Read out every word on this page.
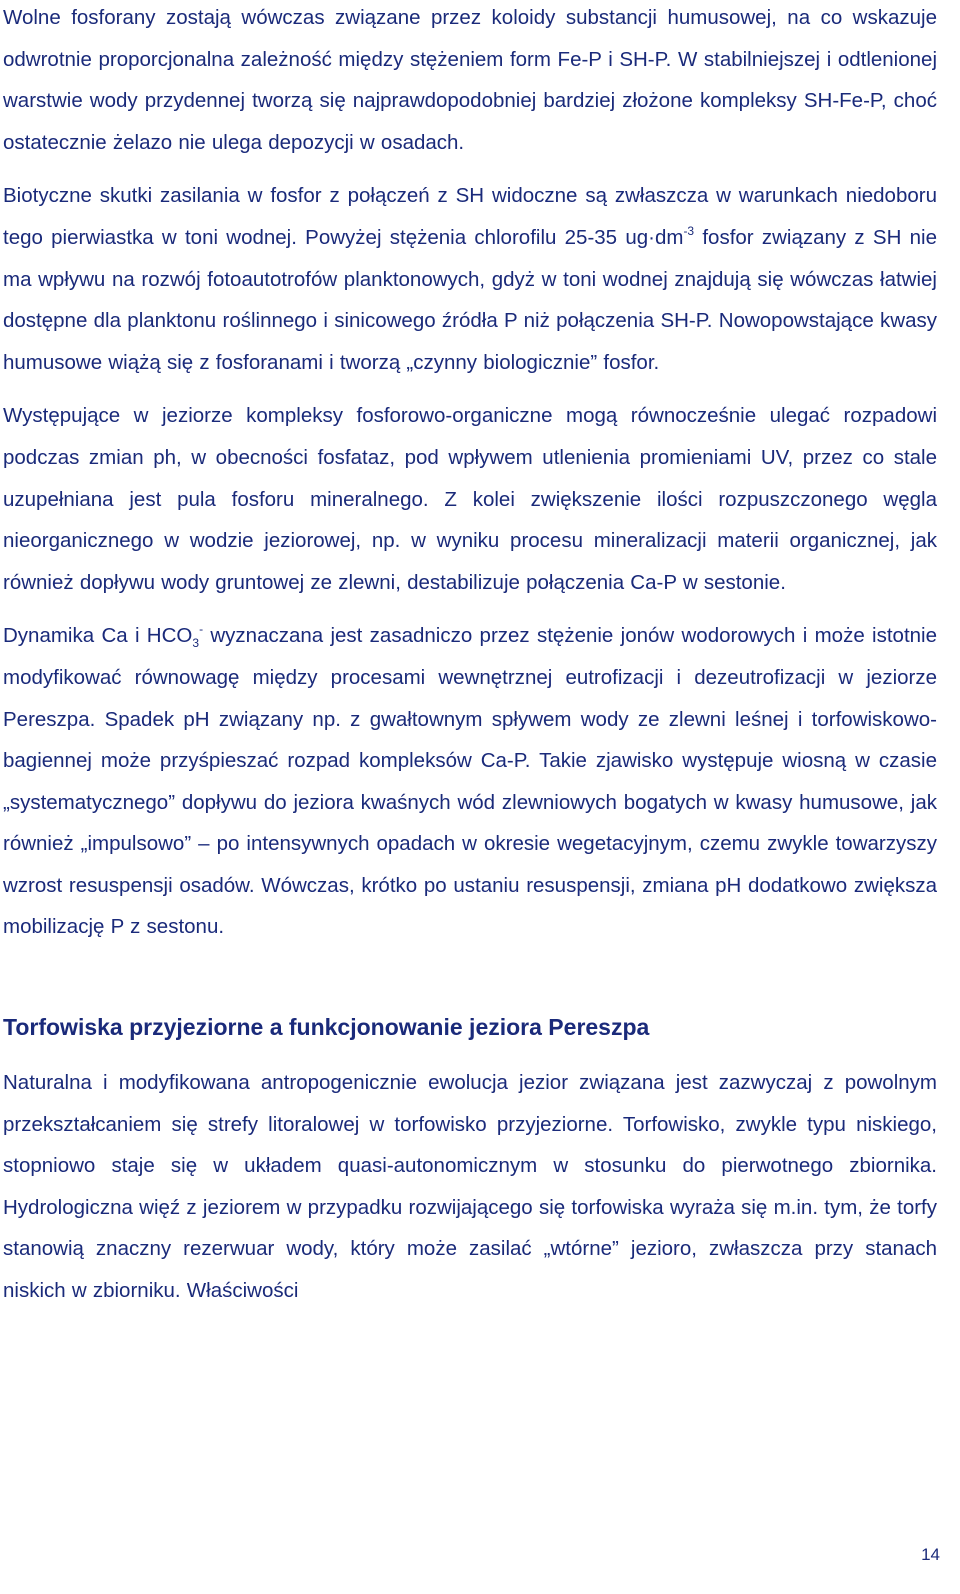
Wolne fosforany zostają wówczas związane przez koloidy substancji humusowej, na co wskazuje odwrotnie proporcjonalna zależność między stężeniem form Fe-P i SH-P. W stabilniejszej i odtlenionej warstwie wody przydennej tworzą się najprawdopodobniej bardziej złożone kompleksy SH-Fe-P, choć ostatecznie żelazo nie ulega depozycji w osadach.

Biotyczne skutki zasilania w fosfor z połączeń z SH widoczne są zwłaszcza w warunkach niedoboru tego pierwiastka w toni wodnej. Powyżej stężenia chlorofilu 25-35 $ug\cdot dm^{-3}$ fosfor związany z SH nie ma wpływu na rozwój fotoautotrofów planktonowych, gdyż w toni wodnej znajdują się wówczas łatwiej dostępne dla planktonu roślinnego i sinicowego źródła P niż połączenia SH-P. Nowopowstające kwasy humusowe wiążą się z fosforanami i tworzą „czynny biologicznie” fosfor.

Występujące w jeziorze kompleksy fosforowo-organiczne mogą równocześnie ulegać rozpadowi podczas zmian ph, w obecności fosfataz, pod wpływem utlenienia promieniami UV, przez co stale uzupełniana jest pula fosforu mineralnego. Z kolei zwiększenie ilości rozpuszczonego węgla nieorganicznego w wodzie jeziorowej, np. w wyniku procesu mineralizacji materii organicznej, jak również dopływu wody gruntowej ze zlewni, destabilizuje połączenia Ca-P w sestonie.

Dynamika Ca i $HCO_3^-$ wyznaczana jest zasadniczo przez stężenie jonów wodorowych i może istotnie modyfikować równowagę między procesami wewnętrznej eutrofizacji i dezeutrofizacji w jeziorze Pereszpa. Spadek pH związany np. z gwałtownym spływem wody ze zlewni leśnej i torfowiskowo-bagiennej może przyśpieszać rozpad kompleksów Ca-P. Takie zjawisko występuje wiosną w czasie „systematycznego” dopływu do jeziora kwaśnych wód zlewniowych bogatych w kwasy humusowe, jak również „impulsowo” – po intensywnych opadach w okresie wegetacyjnym, czemu zwykle towarzyszy wzrost resuspensji osadów. Wówczas, krótko po ustaniu resuspensji, zmiana pH dodatkowo zwiększa mobilizację P z sestonu.

Torfowiska przyjeziorne a funkcjonowanie jeziora Pereszpa

Naturalna i modyfikowana antropogenicznie ewolucja jezior związana jest zazwyczaj z powolnym przekształcaniem się strefy litoralowej w torfowisko przyjeziorne. Torfowisko, zwykle typu niskiego, stopniowo staje się w układem quasi-autonomicznym w stosunku do pierwotnego zbiornika. Hydrologiczna więź z jeziorem w przypadku rozwijającego się torfowiska wyraża się m.in. tym, że torfy stanowią znaczny rezerwuar wody, który może zasilać „wtórne” jezioro, zwłaszcza przy stanach niskich w zbiorniku. Właściwości

14
